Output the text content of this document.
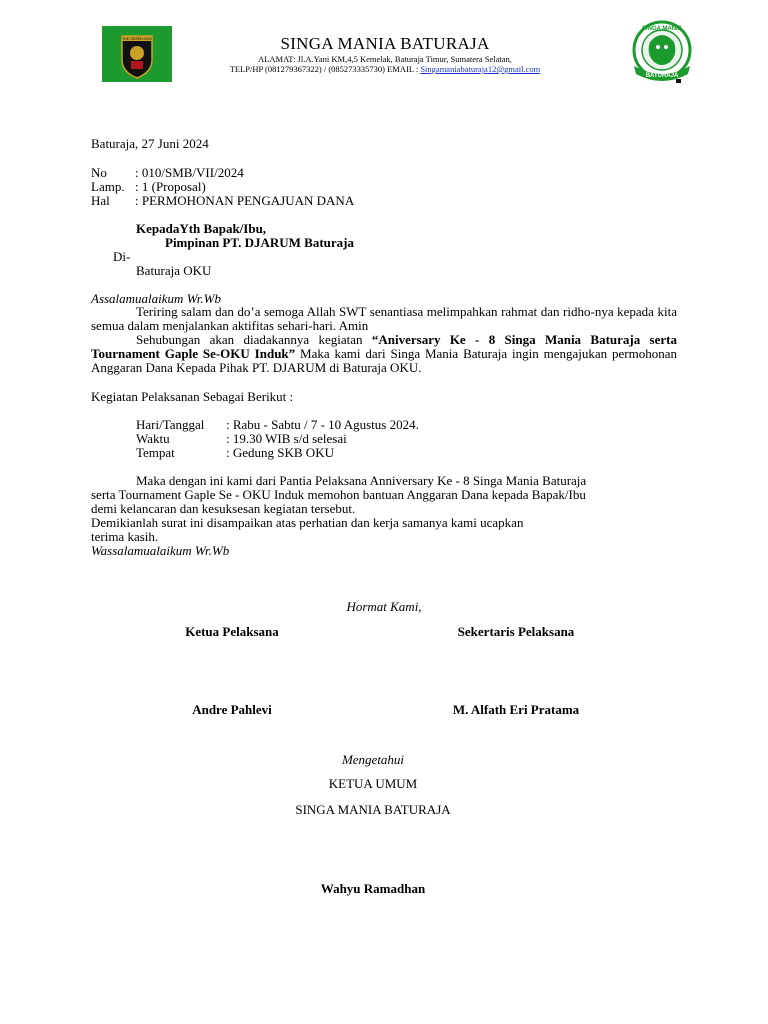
THE GREEN LION	SINGA MANIA BATURAJA
ALAMAT: Jl.A.Yani KM,4,5 Kemelak, Baturaja Timur, Sumatera Selatan,
TELP/HP (081279367322) / (085273335730) EMAIL : Singamaniabaturaja12@gmail.com
SINGA MANIA
BATURAJA
Baturaja, 27 Juni 2024
No : 010/SMB/VII/2024
Lamp. : 1 (Proposal)
Hal : PERMOHONAN PENGAJUAN DANA
KepadaYth Bapak/Ibu,
Pimpinan PT. DJARUM Baturaja
Di-
Baturaja OKU
Assalamualaikum Wr.Wb
Teriring salam dan do’a semoga Allah SWT senantiasa melimpahkan rahmat dan ridho-nya kepada kita semua dalam menjalankan aktifitas sehari-hari. Amin
Sehubungan akan diadakannya kegiatan “Aniversary Ke - 8 Singa Mania Baturaja serta Tournament Gaple Se-OKU Induk” Maka kami dari Singa Mania Baturaja ingin mengajukan permohonan Anggaran Dana Kepada Pihak PT. DJARUM di Baturaja OKU.
Kegiatan Pelaksanan Sebagai Berikut :
Hari/Tanggal : Rabu - Sabtu / 7 - 10 Agustus 2024.
Waktu	: 19.30 WIB s/d selesai
Tempat	: Gedung SKB OKU
Maka dengan ini kami dari Pantia Pelaksana Anniversary Ke - 8 Singa Mania Baturaja
serta Tournament Gaple Se - OKU Induk memohon bantuan Anggaran Dana kepada Bapak/Ibu
demi kelancaran dan kesuksesan kegiatan tersebut.
Demikianlah surat ini disampaikan atas perhatian dan kerja samanya kami ucapkan
terima kasih.
Wassalamualaikum Wr.Wb
Hormat Kami,
Ketua Pelaksana	Sekertaris Pelaksana
Andre Pahlevi	M. Alfath Eri Pratama
Mengetahui
KETUA UMUM
SINGA MANIA BATURAJA
Wahyu Ramadhan
